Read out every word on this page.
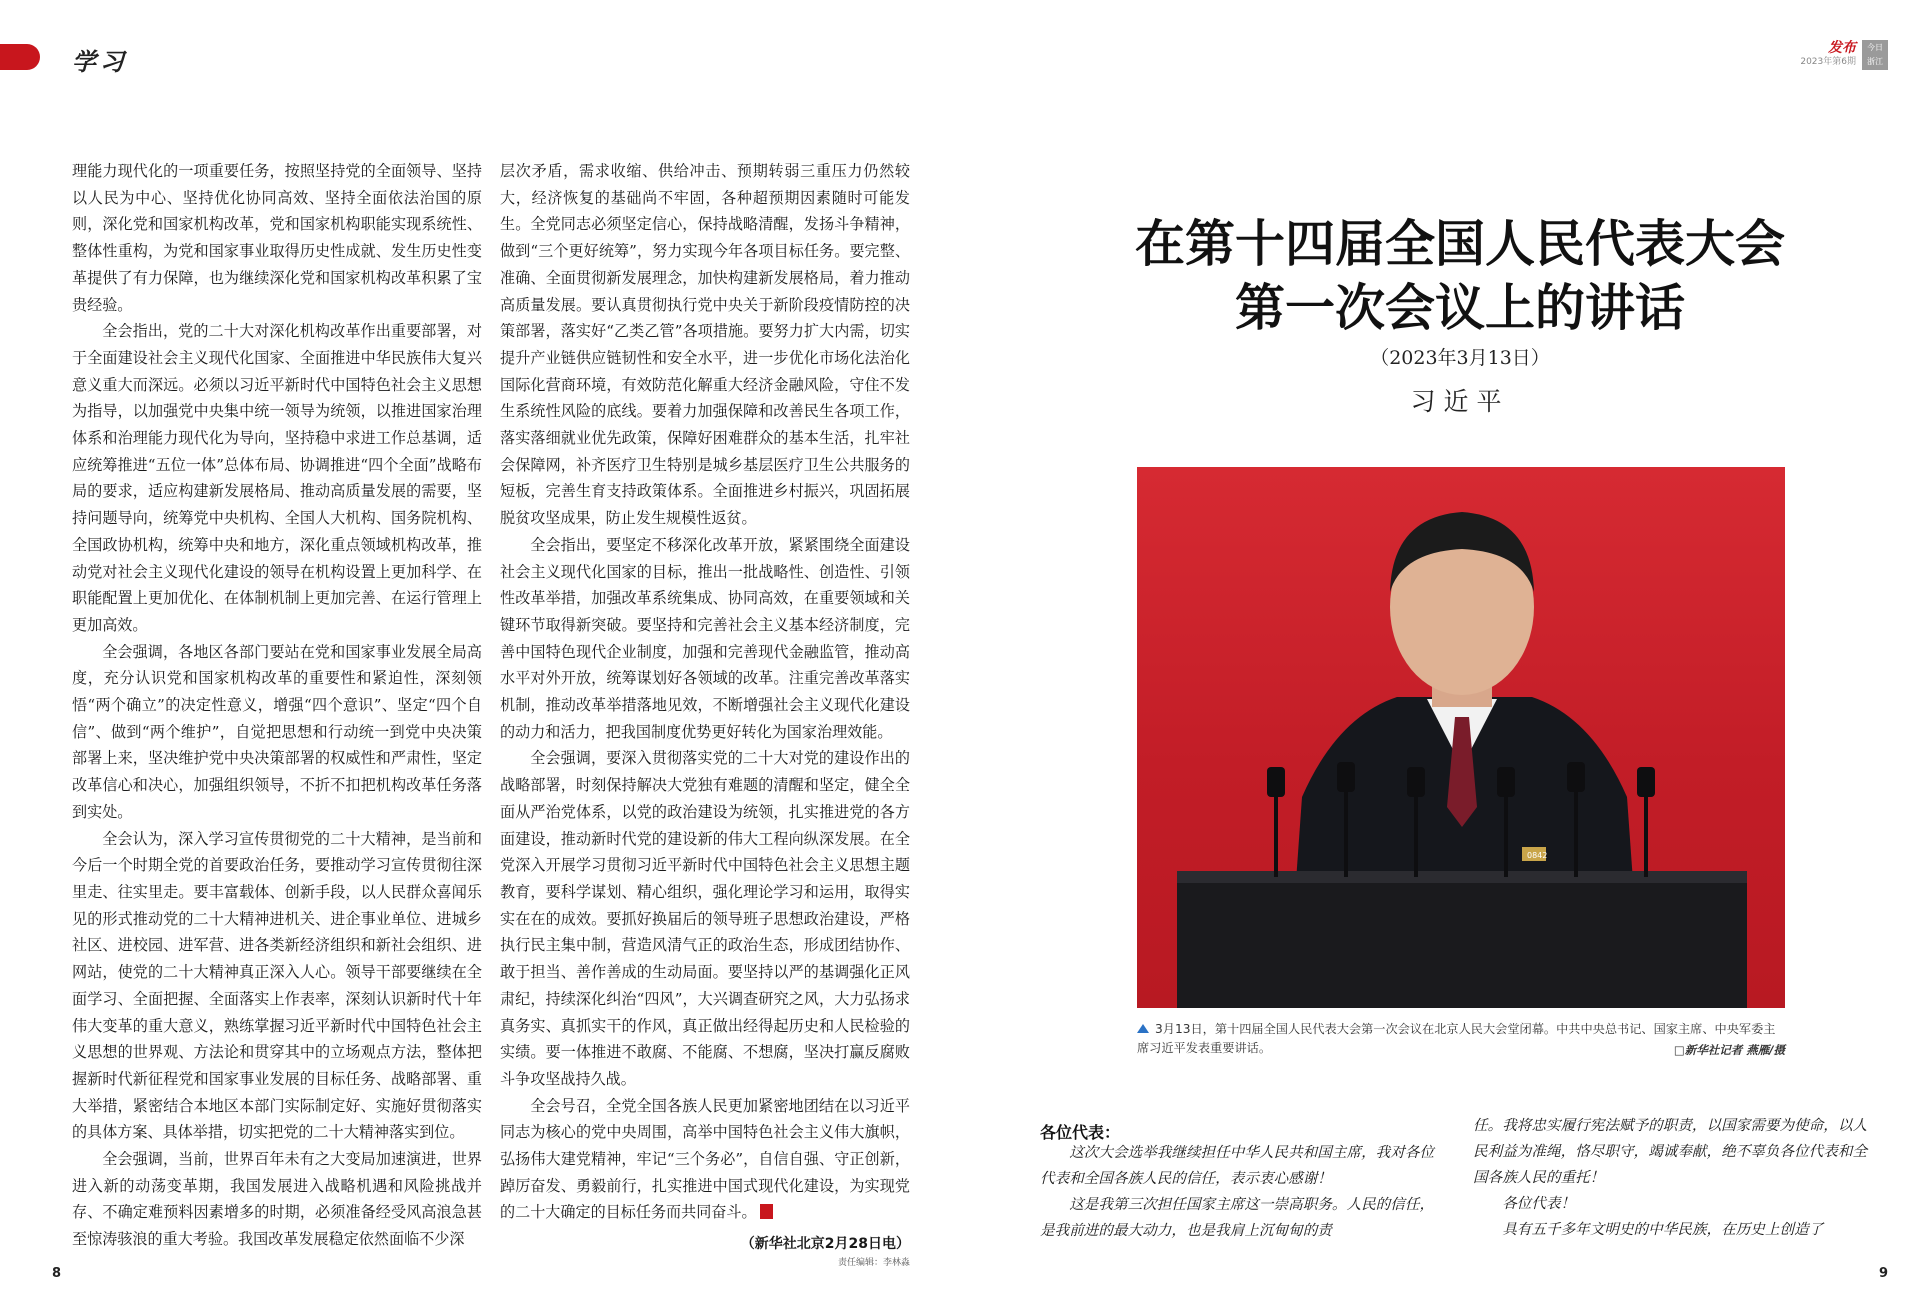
学习	发布
2023年第6期
今日
浙江

理能力现代化的一项重要任务，按照坚持党的全面领导、坚持以人民为中心、坚持优化协同高效、坚持全面依法治国的原则，深化党和国家机构改革，党和国家机构职能实现系统性、整体性重构，为党和国家事业取得历史性成就、发生历史性变革提供了有力保障，也为继续深化党和国家机构改革积累了宝贵经验。

全会指出，党的二十大对深化机构改革作出重要部署，对于全面建设社会主义现代化国家、全面推进中华民族伟大复兴意义重大而深远。必须以习近平新时代中国特色社会主义思想为指导，以加强党中央集中统一领导为统领，以推进国家治理体系和治理能力现代化为导向，坚持稳中求进工作总基调，适应统筹推进“五位一体”总体布局、协调推进“四个全面”战略布局的要求，适应构建新发展格局、推动高质量发展的需要，坚持问题导向，统筹党中央机构、全国人大机构、国务院机构、全国政协机构，统筹中央和地方，深化重点领域机构改革，推动党对社会主义现代化建设的领导在机构设置上更加科学、在职能配置上更加优化、在体制机制上更加完善、在运行管理上更加高效。

全会强调，各地区各部门要站在党和国家事业发展全局高度，充分认识党和国家机构改革的重要性和紧迫性，深刻领悟“两个确立”的决定性意义，增强“四个意识”、坚定“四个自信”、做到“两个维护”，自觉把思想和行动统一到党中央决策部署上来，坚决维护党中央决策部署的权威性和严肃性，坚定改革信心和决心，加强组织领导，不折不扣把机构改革任务落到实处。

全会认为，深入学习宣传贯彻党的二十大精神，是当前和今后一个时期全党的首要政治任务，要推动学习宣传贯彻往深里走、往实里走。要丰富载体、创新手段，以人民群众喜闻乐见的形式推动党的二十大精神进机关、进企事业单位、进城乡社区、进校园、进军营、进各类新经济组织和新社会组织、进网站，使党的二十大精神真正深入人心。领导干部要继续在全面学习、全面把握、全面落实上作表率，深刻认识新时代十年伟大变革的重大意义，熟练掌握习近平新时代中国特色社会主义思想的世界观、方法论和贯穿其中的立场观点方法，整体把握新时代新征程党和国家事业发展的目标任务、战略部署、重大举措，紧密结合本地区本部门实际制定好、实施好贯彻落实的具体方案、具体举措，切实把党的二十大精神落实到位。

全会强调，当前，世界百年未有之大变局加速演进，世界进入新的动荡变革期，我国发展进入战略机遇和风险挑战并存、不确定难预料因素增多的时期，必须准备经受风高浪急甚至惊涛骇浪的重大考验。我国改革发展稳定依然面临不少深

层次矛盾，需求收缩、供给冲击、预期转弱三重压力仍然较大，经济恢复的基础尚不牢固，各种超预期因素随时可能发生。全党同志必须坚定信心，保持战略清醒，发扬斗争精神，做到“三个更好统筹”，努力实现今年各项目标任务。要完整、准确、全面贯彻新发展理念，加快构建新发展格局，着力推动高质量发展。要认真贯彻执行党中央关于新阶段疫情防控的决策部署，落实好“乙类乙管”各项措施。要努力扩大内需，切实提升产业链供应链韧性和安全水平，进一步优化市场化法治化国际化营商环境，有效防范化解重大经济金融风险，守住不发生系统性风险的底线。要着力加强保障和改善民生各项工作，落实落细就业优先政策，保障好困难群众的基本生活，扎牢社会保障网，补齐医疗卫生特别是城乡基层医疗卫生公共服务的短板，完善生育支持政策体系。全面推进乡村振兴，巩固拓展脱贫攻坚成果，防止发生规模性返贫。

全会指出，要坚定不移深化改革开放，紧紧围绕全面建设社会主义现代化国家的目标，推出一批战略性、创造性、引领性改革举措，加强改革系统集成、协同高效，在重要领域和关键环节取得新突破。要坚持和完善社会主义基本经济制度，完善中国特色现代企业制度，加强和完善现代金融监管，推动高水平对外开放，统筹谋划好各领域的改革。注重完善改革落实机制，推动改革举措落地见效，不断增强社会主义现代化建设的动力和活力，把我国制度优势更好转化为国家治理效能。

全会强调，要深入贯彻落实党的二十大对党的建设作出的战略部署，时刻保持解决大党独有难题的清醒和坚定，健全全面从严治党体系，以党的政治建设为统领，扎实推进党的各方面建设，推动新时代党的建设新的伟大工程向纵深发展。在全党深入开展学习贯彻习近平新时代中国特色社会主义思想主题教育，要科学谋划、精心组织，强化理论学习和运用，取得实实在在的成效。要抓好换届后的领导班子思想政治建设，严格执行民主集中制，营造风清气正的政治生态，形成团结协作、敢于担当、善作善成的生动局面。要坚持以严的基调强化正风肃纪，持续深化纠治“四风”，大兴调查研究之风，大力弘扬求真务实、真抓实干的作风，真正做出经得起历史和人民检验的实绩。要一体推进不敢腐、不能腐、不想腐，坚决打赢反腐败斗争攻坚战持久战。

全会号召，全党全国各族人民更加紧密地团结在以习近平同志为核心的党中央周围，高举中国特色社会主义伟大旗帜，弘扬伟大建党精神，牢记“三个务必”，自信自强、守正创新，踔厉奋发、勇毅前行，扎实推进中国式现代化建设，为实现党的二十大确定的目标任务而共同奋斗。

（新华社北京2月28日电）
责任编辑：李林淼
8
在第十四届全国人民代表大会
第一次会议上的讲话
（2023年3月13日）
习近平
0842
3月13日，第十四届全国人民代表大会第一次会议在北京人民大会堂闭幕。中共中央总书记、国家主席、中央军委主席习近平发表重要讲话。	□新华社记者 燕雁/摄
各位代表：

这次大会选举我继续担任中华人民共和国主席，我对各位代表和全国各族人民的信任，表示衷心感谢！

这是我第三次担任国家主席这一崇高职务。人民的信任，是我前进的最大动力，也是我肩上沉甸甸的责

任。我将忠实履行宪法赋予的职责，以国家需要为使命，以人民利益为准绳，恪尽职守，竭诚奉献，绝不辜负各位代表和全国各族人民的重托！

各位代表！

具有五千多年文明史的中华民族，在历史上创造了

9
